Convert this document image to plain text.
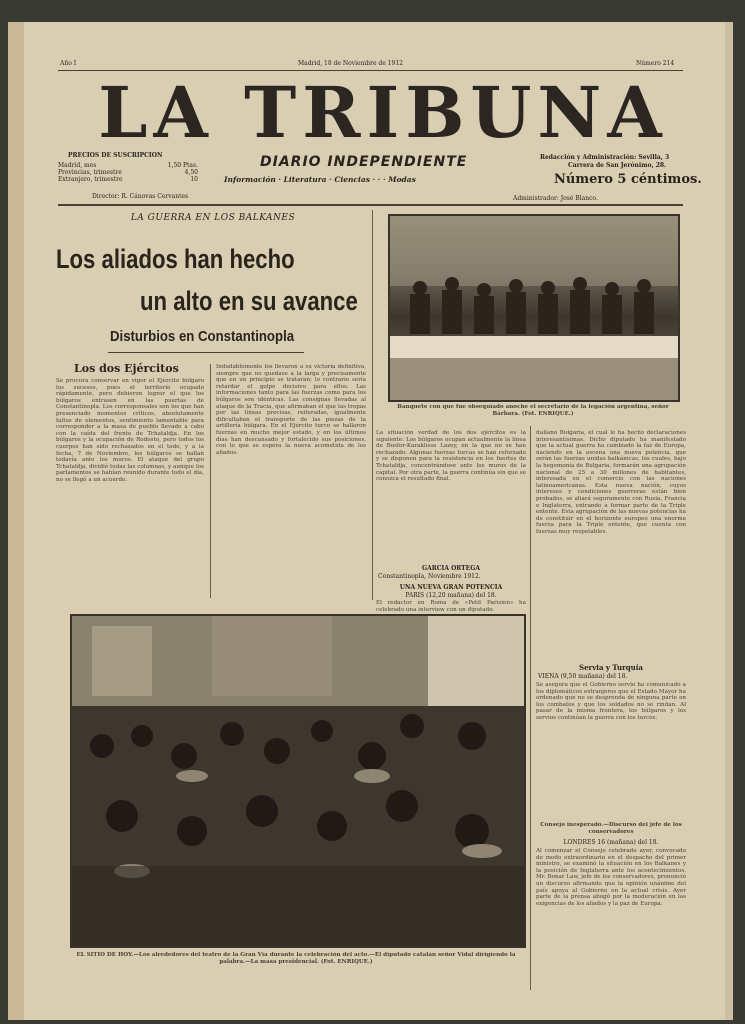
Año I	Madrid, 18 de Noviembre de 1912	Número 214
LA TRIBUNA
DIARIO INDEPENDIENTE
Información · Literatura · Ciencias · · · Modas
PRECIOS DE SUSCRIPCION
Madrid, mes	1,50 Ptas.
Provincias, trimestre	4,50
Extranjero, trimestre	10
Director: R. Cánovas Cervantes
Redacción y Administración: Sevilla, 3
Carrera de San Jerónimo, 28.
Número 5 céntimos.
Administrador: José Blanco.
LA GUERRA EN LOS BALKANES
Los aliados han hecho
un alto en su avance
Disturbios en Constantinopla
Los dos Ejércitos
Se procura conservar en vigor el Ejército búlgaro los sucesos, pues el territorio ocupado rápidamente, pero debieron lograr el que los búlgaros entrasen en las puertas de Constantinopla. Los corresponsales son los que han presenciado momentos críticos, absolutamente faltos de elementos, sentimiento lamentable para corresponder a la masa de pueblo llevado a cabo con la caída del frente de Tchataldja. En los búlgaros y la ocupación de Rodosto, pero todos los cuerpos han sido rechazados en el todo, y a la fecha, 7 de Noviembre, los búlgaros se hallan todavía ante los muros. El ataque del grupo Tchataldja, dividió todas las columnas, y aunque los parlamentos se habían reunido durante todo el día, no se llegó a un acuerdo.
Indudablemente los llevaron a su victoria definitiva, siempre que no quedase a la larga y precisamente que en un principio se trataran; lo contrario sería retardar el golpe decisivo para ellos. Las informaciones tanto para las fuerzas como para los búlgaros son idénticas. Las consignas llevadas al ataque de la Tracia, que afirmaban el que las tropas por las líneas precisas, reiteradas, igualmente dificultaban el transporte de las piezas de la artillería búlgara. En el Ejército turco se hallaron fuerzas en mucho mejor estado, y en los últimos días han descansado y fortalecido sus posiciones, con lo que se espera la nueva acometida de los aliados.
Banquete con que fue obsequiado anoche el secretario de la legación argentina, señor Bárbara. (Fot. ENRIQUE.)
La situación verdad de los dos ejércitos es la siguiente: Los búlgaros ocupan actualmente la línea de Bosfor-Karaklisse Lazey, en la que no se han rechazado. Algunas fuerzas turcas se han reforzado y se disponen para la resistencia en los fuertes de Tchataldja, concentrándose ante los muros de la capital. Por otra parte, la guerra continúa sin que se conozca el resultado final.
GARCIA ORTEGA
Constantinopla, Noviembre 1912.
UNA NUEVA GRAN POTENCIA
PARIS (12,20 mañana) del 18.
El redactor en Roma de «Petit Parisien» ha celebrado una interview con un diputado.
italiano Bulgaria, el cual le ha hecho declaraciones interesantísimas. Dicho diputado ha manifestado que la actual guerra ha cambiado la faz de Europa, naciendo en la escena una nueva potencia, que serán las fuerzas unidas balkánicas, los cuales, bajo la hegemonía de Bulgaria, formarán una agrupación nacional de 25 a 30 millones de habitantes, interesada en el comercio con las naciones latinoamericanas. Esta nueva nación, cuyos intereses y condiciones guerreras están bien probados, se aliará seguramente con Rusia, Francia e Inglaterra, entrando a formar parte de la Triple entente. Esta agrupación de las nuevas potencias ha de constituir en el horizonte europeo una enorme fuerza para la Triple entente, que cuenta con fuerzas muy respetables.
Servia y Turquía
VIENA (9,50 mañana) del 18.
Se asegura que el Gobierno servio ha comunicado a los diplomáticos extranjeros que el Estado Mayor ha ordenado que no se desprenda de ninguna parte en los combates y que los soldados no se rindan. Al pasar de la misma frontera, los búlgaros y los servios continúan la guerra con los turcos.
Consejo inesperado.—Discurso del jefe de los conservadores
LONDRES 16 (mañana) del 18.
Al comenzar el Consejo celebrado ayer, convocado de modo extraordinario en el despacho del primer ministro, se examinó la situación en los Balkanes y la posición de Inglaterra ante los acontecimientos. Mr. Bonar Law, jefe de los conservadores, pronunció un discurso afirmando que la opinión unánime del país apoya al Gobierno en la actual crisis. Ayer parte de la prensa abogó por la moderación en las exigencias de los aliados y la paz de Europa.
EL SITIO DE HOY.—Los alrededores del teatro de la Gran Vía durante la celebración del acto.—El diputado catalán señor Vidal dirigiendo la palabra.—La masa presidencial. (Fot. ENRIQUE.)
